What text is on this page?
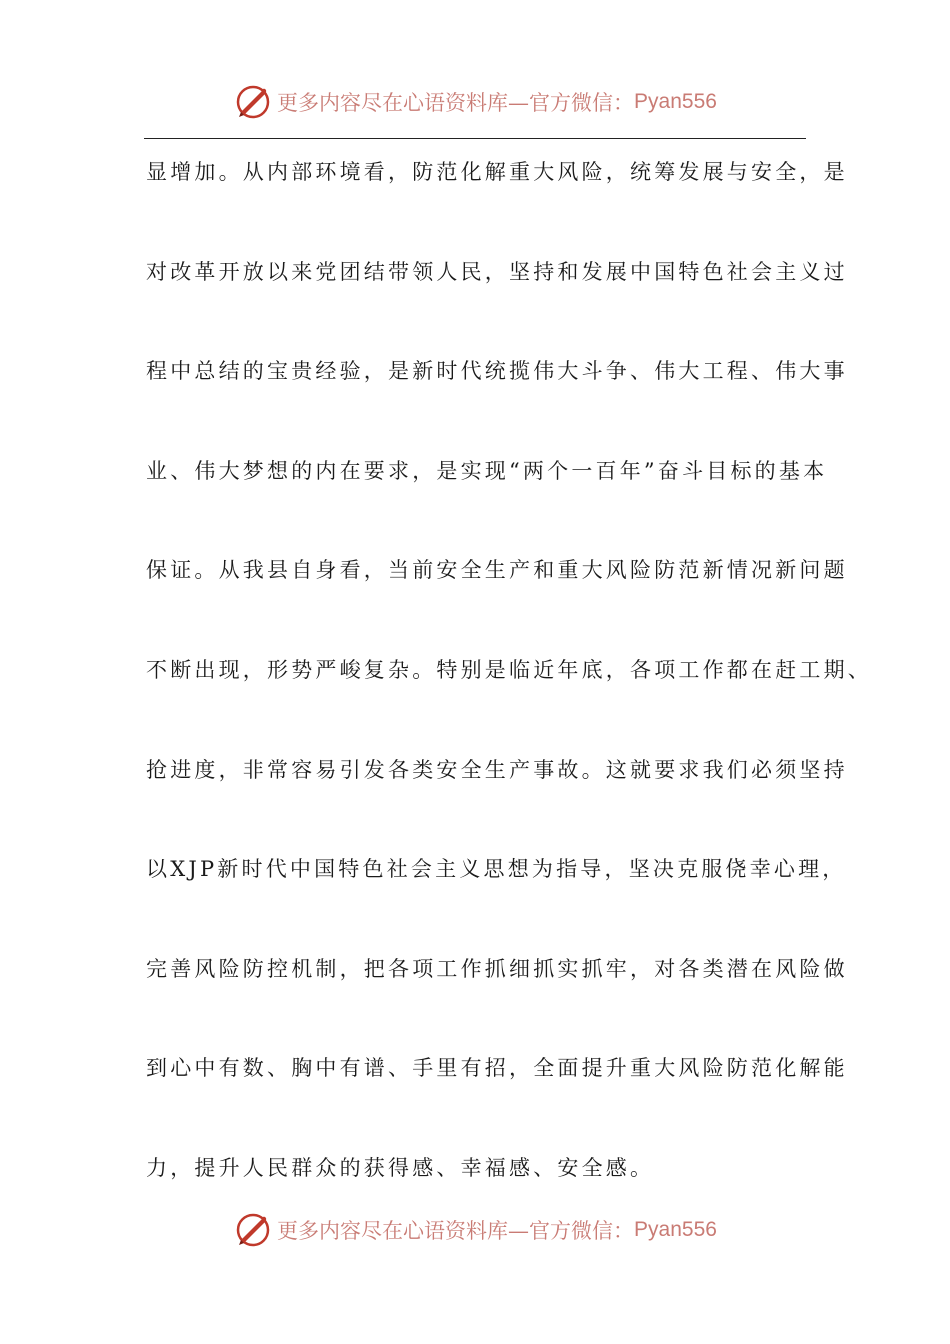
更多内容尽在心语资料库—官方微信： Pyan556
显增加。从内部环境看，防范化解重大风险，统筹发展与安全，是
对改革开放以来党团结带领人民，坚持和发展中国特色社会主义过
程中总结的宝贵经验，是新时代统揽伟大斗争、伟大工程、伟大事
业、伟大梦想的内在要求，是实现“两个一百年”奋斗目标的基本
保证。从我县自身看，当前安全生产和重大风险防范新情况新问题
不断出现，形势严峻复杂。特别是临近年底，各项工作都在赶工期、
抢进度，非常容易引发各类安全生产事故。这就要求我们必须坚持
以XJP新时代中国特色社会主义思想为指导，坚决克服侥幸心理，
完善风险防控机制，把各项工作抓细抓实抓牢，对各类潜在风险做
到心中有数、胸中有谱、手里有招，全面提升重大风险防范化解能
力，提升人民群众的获得感、幸福感、安全感。
更多内容尽在心语资料库—官方微信： Pyan556
